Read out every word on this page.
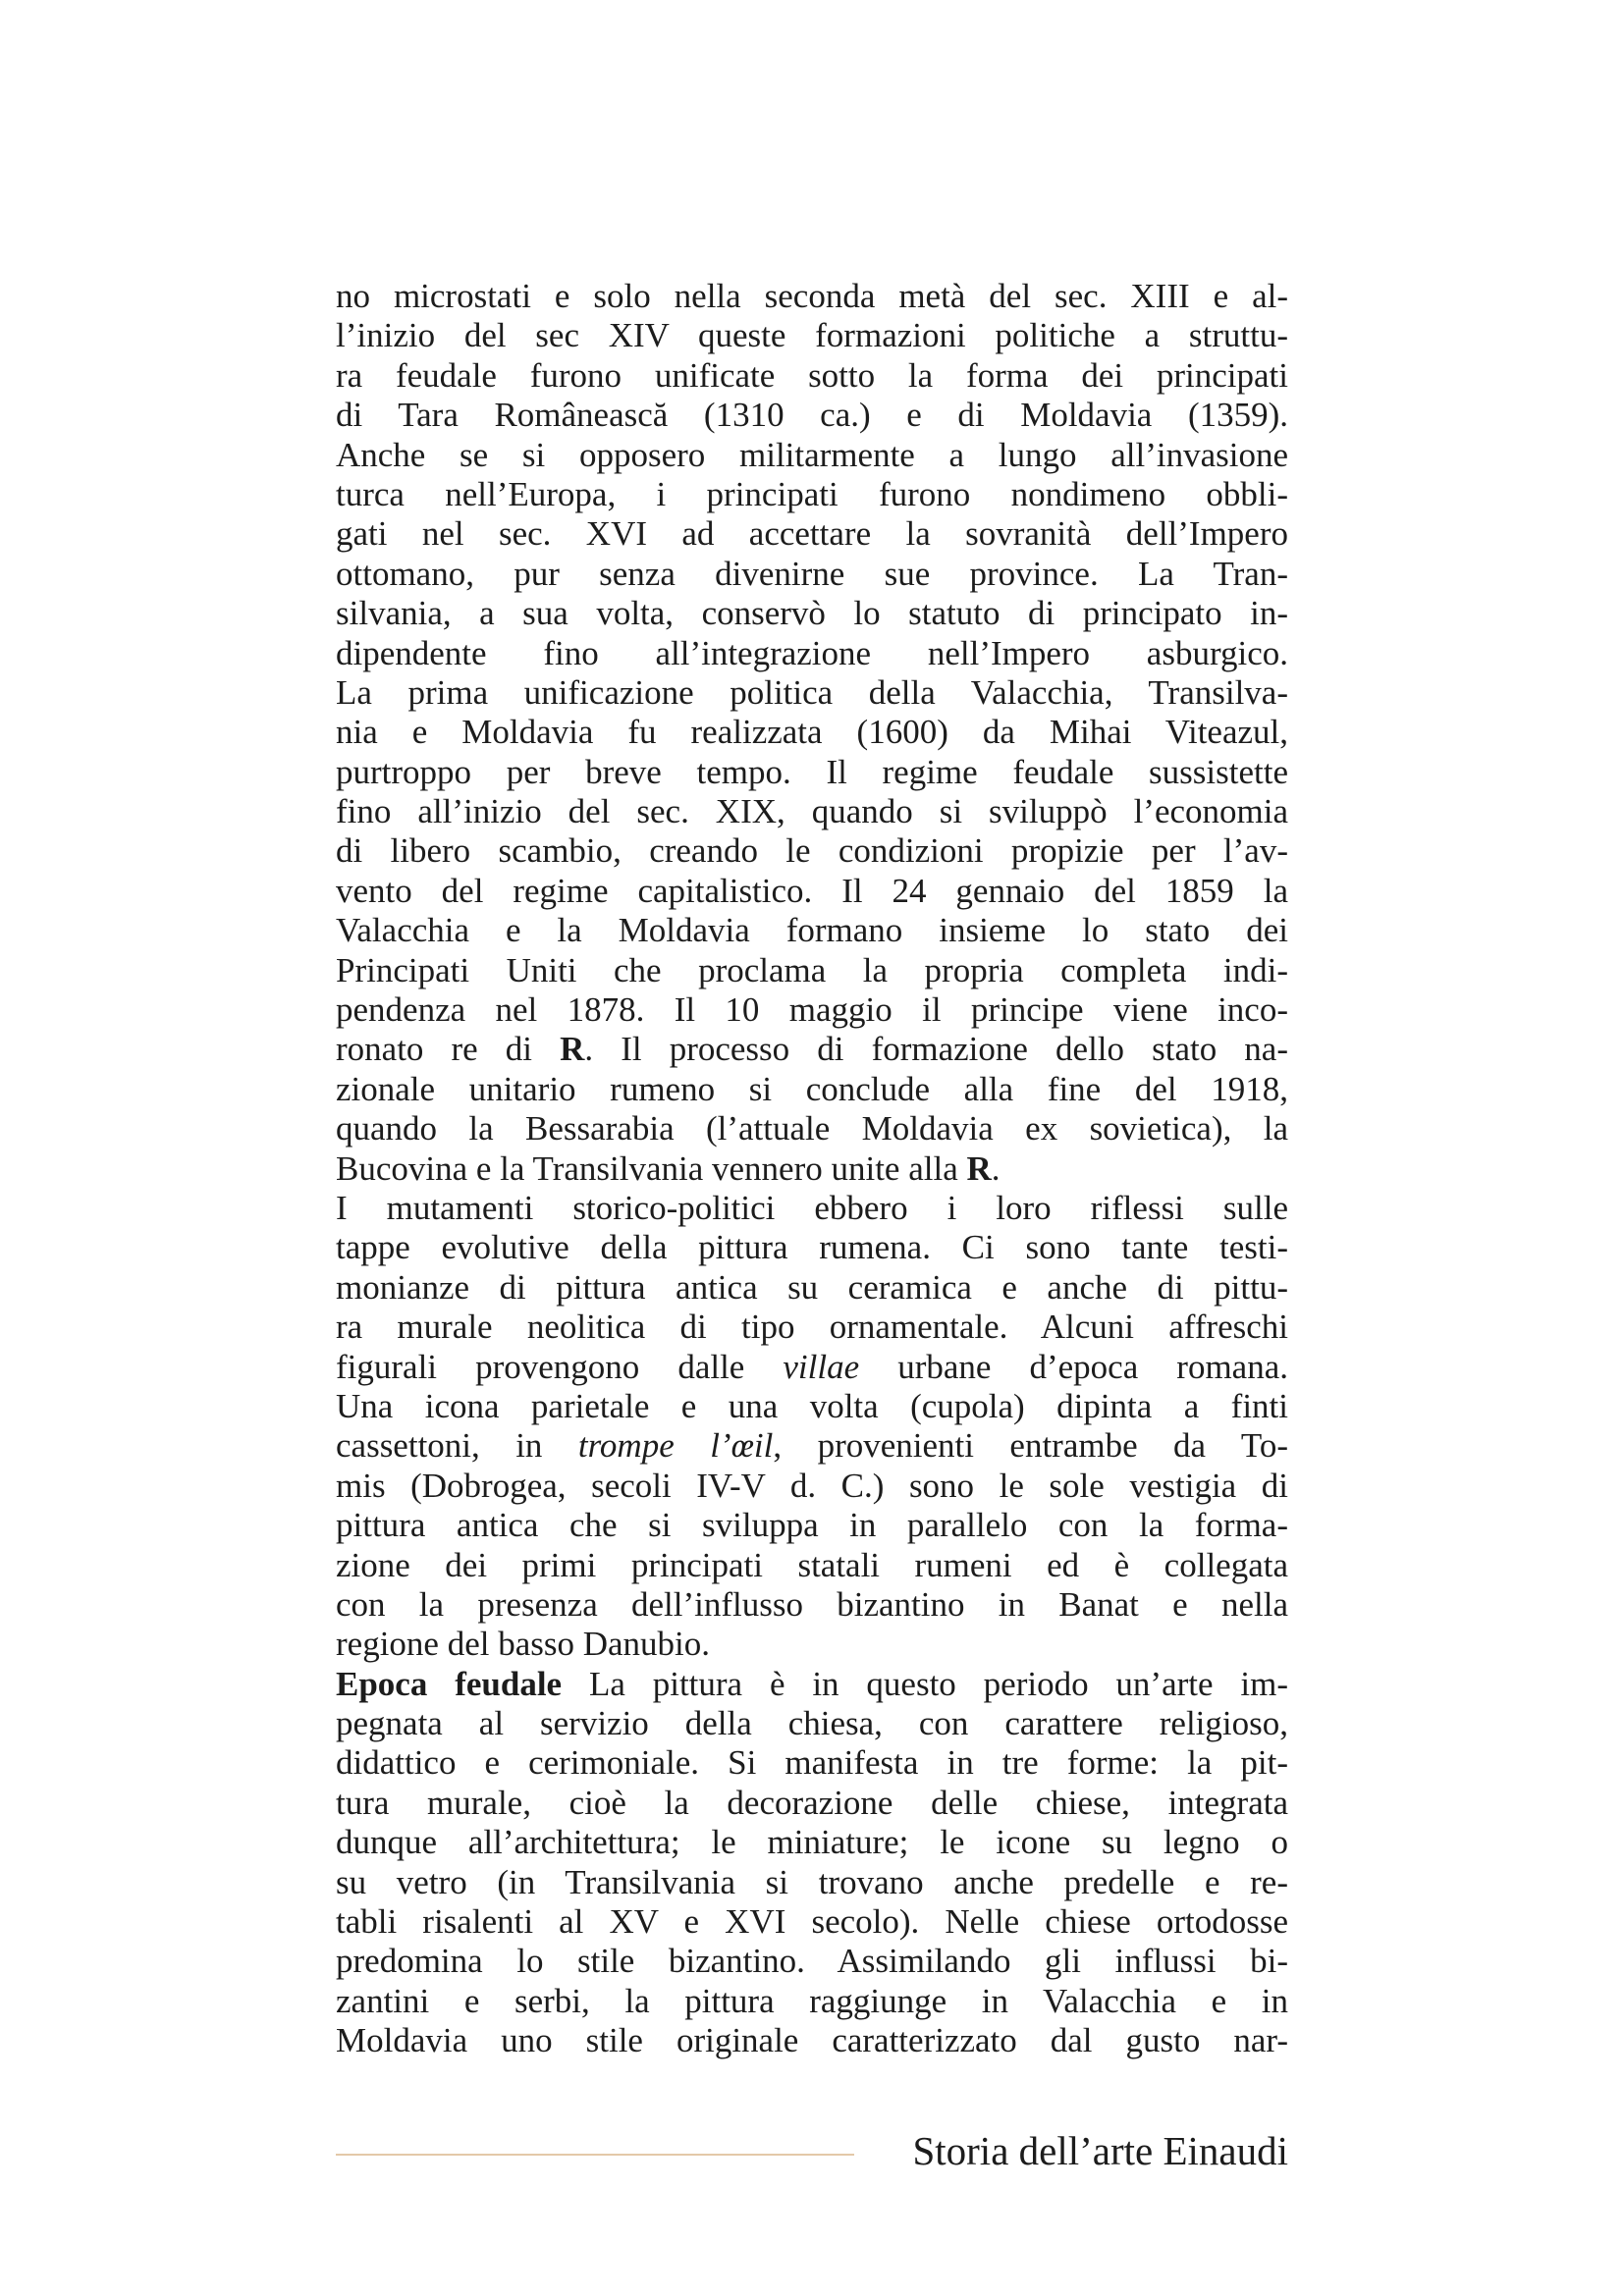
no microstati e solo nella seconda metà del sec. XIII e al-
l’inizio del sec XIV queste formazioni politiche a struttu-
ra feudale furono unificate sotto la forma dei principati
di Tara Românească (1310 ca.) e di Moldavia (1359).
Anche se si opposero militarmente a lungo all’invasione
turca nell’Europa, i principati furono nondimeno obbli-
gati nel sec. XVI ad accettare la sovranità dell’Impero
ottomano, pur senza divenirne sue province. La Tran-
silvania, a sua volta, conservò lo statuto di principato in-
dipendente fino all’integrazione nell’Impero asburgico.
La prima unificazione politica della Valacchia, Transilva-
nia e Moldavia fu realizzata (1600) da Mihai Viteazul,
purtroppo per breve tempo. Il regime feudale sussistette
fino all’inizio del sec. XIX, quando si sviluppò l’economia
di libero scambio, creando le condizioni propizie per l’av-
vento del regime capitalistico. Il 24 gennaio del 1859 la
Valacchia e la Moldavia formano insieme lo stato dei
Principati Uniti che proclama la propria completa indi-
pendenza nel 1878. Il 10 maggio il principe viene inco-
ronato re di R. Il processo di formazione dello stato na-
zionale unitario rumeno si conclude alla fine del 1918,
quando la Bessarabia (l’attuale Moldavia ex sovietica), la
Bucovina e la Transilvania vennero unite alla R.
I mutamenti storico-politici ebbero i loro riflessi sulle
tappe evolutive della pittura rumena. Ci sono tante testi-
monianze di pittura antica su ceramica e anche di pittu-
ra murale neolitica di tipo ornamentale. Alcuni affreschi
figurali provengono dalle villae urbane d’epoca romana.
Una icona parietale e una volta (cupola) dipinta a finti
cassettoni, in trompe l’œil, provenienti entrambe da To-
mis (Dobrogea, secoli IV-V d. C.) sono le sole vestigia di
pittura antica che si sviluppa in parallelo con la forma-
zione dei primi principati statali rumeni ed è collegata
con la presenza dell’influsso bizantino in Banat e nella
regione del basso Danubio.
Epoca feudale La pittura è in questo periodo un’arte im-
pegnata al servizio della chiesa, con carattere religioso,
didattico e cerimoniale. Si manifesta in tre forme: la pit-
tura murale, cioè la decorazione delle chiese, integrata
dunque all’architettura; le miniature; le icone su legno o
su vetro (in Transilvania si trovano anche predelle e re-
tabli risalenti al XV e XVI secolo). Nelle chiese ortodosse
predomina lo stile bizantino. Assimilando gli influssi bi-
zantini e serbi, la pittura raggiunge in Valacchia e in
Moldavia uno stile originale caratterizzato dal gusto nar-
Storia dell’arte Einaudi
